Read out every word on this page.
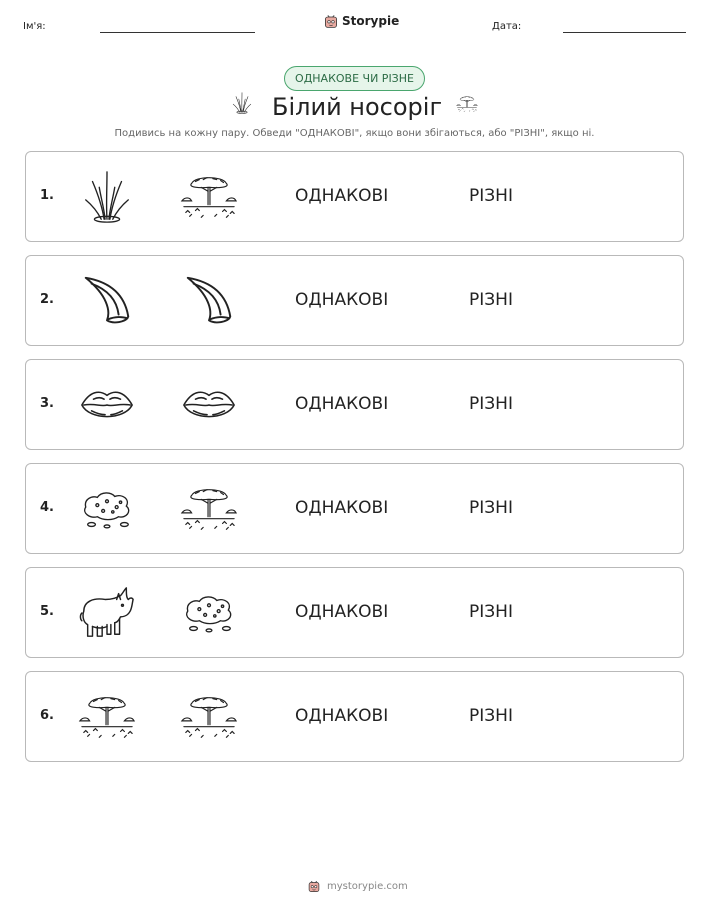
Ім'я:	Storypie	Дата:
ОДНАКОВЕ ЧИ РІЗНЕ
Білий носоріг
Подивись на кожну пару. Обведи "ОДНАКОВІ", якщо вони збігаються, або "РІЗНІ", якщо ні.
1.	ОДНАКОВІ	РІЗНІ
2.	ОДНАКОВІ	РІЗНІ
3.	ОДНАКОВІ	РІЗНІ
4.	ОДНАКОВІ	РІЗНІ
5.	ОДНАКОВІ	РІЗНІ
6.	ОДНАКОВІ	РІЗНІ
mystorypie.com
